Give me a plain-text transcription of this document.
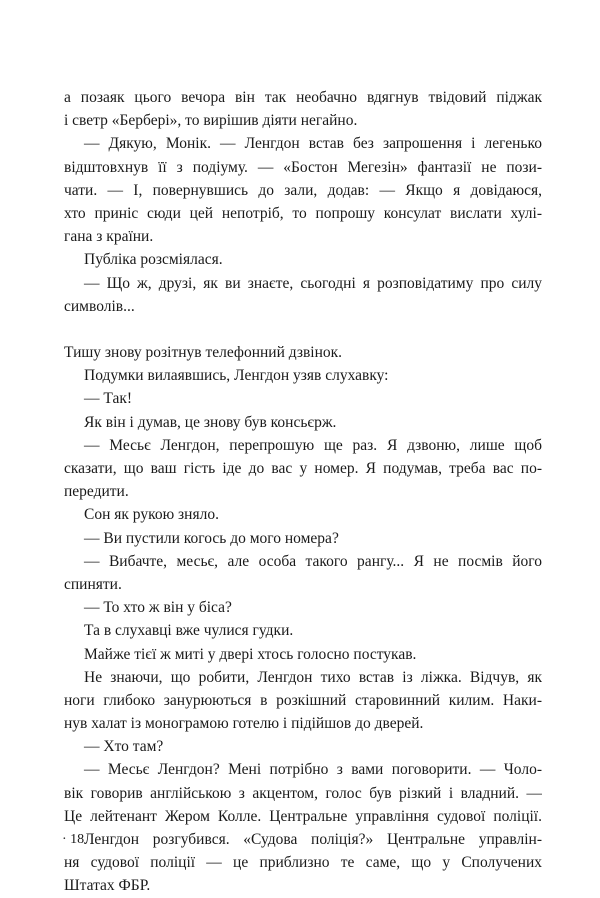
а позаяк цього вечора він так необачно вдягнув твідовий піджак
і светр «Берберi», то вирішив діяти негайно.
— Дякую, Монік. — Ленгдон встав без запрошення і легенько
відштовхнув її з подіуму. — «Бостон Мегезін» фантазії не пози-
чати. — І, повернувшись до зали, додав: — Якщо я довідаюся,
хто приніс сюди цей непотріб, то попрошу консулат вислати хулі-
гана з країни.
Публіка розсміялася.
— Що ж, друзі, як ви знаєте, сьогодні я розповідатиму про силу
символів...
Тишу знову розітнув телефонний дзвінок.
Подумки вилаявшись, Ленгдон узяв слухавку:
— Так!
Як він і думав, це знову був консьєрж.
— Месьє Ленгдон, перепрошую ще раз. Я дзвоню, лише щоб
сказати, що ваш гість іде до вас у номер. Я подумав, треба вас по-
передити.
Сон як рукою зняло.
— Ви пустили когось до мого номера?
— Вибачте, месьє, але особа такого рангу... Я не посмів його
спиняти.
— То хто ж він у біса?
Та в слухавці вже чулися гудки.
Майже тієї ж миті у двері хтось голосно постукав.
Не знаючи, що робити, Ленгдон тихо встав із ліжка. Відчув, як
ноги глибоко занурюються в розкішний старовинний килим. Наки-
нув халат із монограмою готелю і підійшов до дверей.
— Хто там?
— Месьє Ленгдон? Мені потрібно з вами поговорити. — Чоло-
вік говорив англійською з акцентом, голос був різкий і владний. —
Це лейтенант Жером Колле. Центральне управління судової поліції.
Ленгдон розгубився. «Судова поліція?» Центральне управлін-
ня судової поліції — це приблизно те саме, що у Сполучених
Штатах ФБР.
· 18
